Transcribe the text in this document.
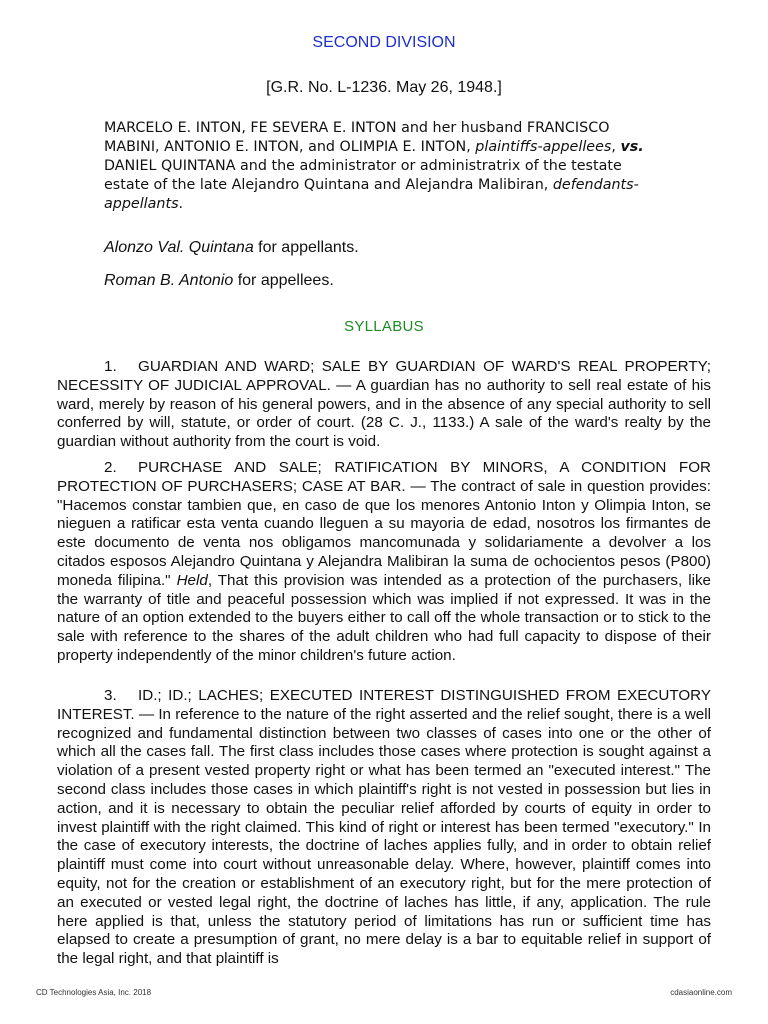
SECOND DIVISION
[G.R. No. L-1236. May 26, 1948.]
MARCELO E. INTON, FE SEVERA E. INTON and her husband FRANCISCO MABINI, ANTONIO E. INTON, and OLIMPIA E. INTON, plaintiffs-appellees, vs. DANIEL QUINTANA and the administrator or administratrix of the testate estate of the late Alejandro Quintana and Alejandra Malibiran, defendants-appellants.
Alonzo Val. Quintana for appellants.
Roman B. Antonio for appellees.
SYLLABUS
1. GUARDIAN AND WARD; SALE BY GUARDIAN OF WARD'S REAL PROPERTY; NECESSITY OF JUDICIAL APPROVAL. — A guardian has no authority to sell real estate of his ward, merely by reason of his general powers, and in the absence of any special authority to sell conferred by will, statute, or order of court. (28 C. J., 1133.) A sale of the ward's realty by the guardian without authority from the court is void.
2. PURCHASE AND SALE; RATIFICATION BY MINORS, A CONDITION FOR PROTECTION OF PURCHASERS; CASE AT BAR. — The contract of sale in question provides: "Hacemos constar tambien que, en caso de que los menores Antonio Inton y Olimpia Inton, se nieguen a ratificar esta venta cuando lleguen a su mayoria de edad, nosotros los firmantes de este documento de venta nos obligamos mancomunada y solidariamente a devolver a los citados esposos Alejandro Quintana y Alejandra Malibiran la suma de ochocientos pesos (P800) moneda filipina." Held, That this provision was intended as a protection of the purchasers, like the warranty of title and peaceful possession which was implied if not expressed. It was in the nature of an option extended to the buyers either to call off the whole transaction or to stick to the sale with reference to the shares of the adult children who had full capacity to dispose of their property independently of the minor children's future action.
3. ID.; ID.; LACHES; EXECUTED INTEREST DISTINGUISHED FROM EXECUTORY INTEREST. — In reference to the nature of the right asserted and the relief sought, there is a well recognized and fundamental distinction between two classes of cases into one or the other of which all the cases fall. The first class includes those cases where protection is sought against a violation of a present vested property right or what has been termed an "executed interest." The second class includes those cases in which plaintiff's right is not vested in possession but lies in action, and it is necessary to obtain the peculiar relief afforded by courts of equity in order to invest plaintiff with the right claimed. This kind of right or interest has been termed "executory." In the case of executory interests, the doctrine of laches applies fully, and in order to obtain relief plaintiff must come into court without unreasonable delay. Where, however, plaintiff comes into equity, not for the creation or establishment of an executory right, but for the mere protection of an executed or vested legal right, the doctrine of laches has little, if any, application. The rule here applied is that, unless the statutory period of limitations has run or sufficient time has elapsed to create a presumption of grant, no mere delay is a bar to equitable relief in support of the legal right, and that plaintiff is
CD Technologies Asia, Inc. 2018	cdasiaonline.com
